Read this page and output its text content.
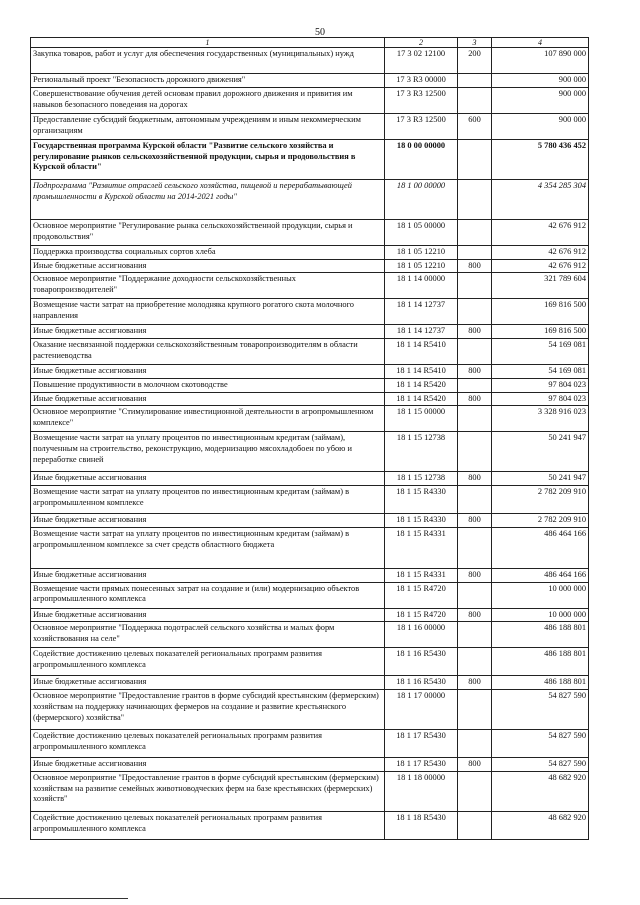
50
1	2	3	4
Закупка товаров, работ и услуг для обеспечения государственных (муниципальных) нужд	17 3 02 12100	200	107 890 000
Региональный проект "Безопасность дорожного движения"	17 3 R3 00000		900 000
Совершенствование обучения детей основам правил дорожного движения и привития им навыков безопасного поведения на дорогах	17 3 R3 12500		900 000
Предоставление субсидий бюджетным, автономным учреждениям и иным некоммерческим организациям	17 3 R3 12500	600	900 000
Государственная программа Курской области "Развитие сельского хозяйства и регулирование рынков сельскохозяйственной продукции, сырья и продовольствия в Курской области"	18 0 00 00000		5 780 436 452
Подпрограмма "Развитие отраслей сельского хозяйства, пищевой и перерабатывающей промышленности в Курской области на 2014-2021 годы"	18 1 00 00000		4 354 285 304
Основное мероприятие "Регулирование рынка сельскохозяйственной продукции, сырья и продовольствия"	18 1 05 00000		42 676 912
Поддержка производства социальных сортов хлеба	18 1 05 12210		42 676 912
Иные бюджетные ассигнования	18 1 05 12210	800	42 676 912
Основное мероприятие "Поддержание доходности сельскохозяйственных товаропроизводителей"	18 1 14 00000		321 789 604
Возмещение части затрат на приобретение молодняка крупного рогатого скота молочного направления	18 1 14 12737		169 816 500
Иные бюджетные ассигнования	18 1 14 12737	800	169 816 500
Оказание несвязанной поддержки сельскохозяйственным товаропроизводителям в области растениеводства	18 1 14 R5410		54 169 081
Иные бюджетные ассигнования	18 1 14 R5410	800	54 169 081
Повышение продуктивности в молочном скотоводстве	18 1 14 R5420		97 804 023
Иные бюджетные ассигнования	18 1 14 R5420	800	97 804 023
Основное мероприятие "Стимулирование инвестиционной деятельности в агропромышленном комплексе"	18 1 15 00000		3 328 916 023
Возмещение части затрат на уплату процентов по инвестиционным кредитам (займам), полученным на строительство, реконструкцию, модернизацию мясохладобоен по убою и переработке свиней	18 1 15 12738		50 241 947
Иные бюджетные ассигнования	18 1 15 12738	800	50 241 947
Возмещение части затрат на уплату процентов по инвестиционным кредитам (займам) в агропромышленном комплексе	18 1 15 R4330		2 782 209 910
Иные бюджетные ассигнования	18 1 15 R4330	800	2 782 209 910
Возмещение части затрат на уплату процентов по инвестиционным кредитам (займам) в агропромышленном комплексе за счет средств областного бюджета	18 1 15 R4331		486 464 166
Иные бюджетные ассигнования	18 1 15 R4331	800	486 464 166
Возмещение части прямых понесенных затрат на создание и (или) модернизацию объектов агропромышленного комплекса	18 1 15 R4720		10 000 000
Иные бюджетные ассигнования	18 1 15 R4720	800	10 000 000
Основное мероприятие "Поддержка подотраслей сельского хозяйства и малых форм хозяйствования на селе"	18 1 16 00000		486 188 801
Содействие достижению целевых показателей региональных программ развития агропромышленного комплекса	18 1 16 R5430		486 188 801
Иные бюджетные ассигнования	18 1 16 R5430	800	486 188 801
Основное мероприятие "Предоставление грантов в форме субсидий крестьянским (фермерским) хозяйствам на поддержку начинающих фермеров на создание и развитие крестьянского (фермерского) хозяйства"	18 1 17 00000		54 827 590
Содействие достижению целевых показателей региональных программ развития агропромышленного комплекса	18 1 17 R5430		54 827 590
Иные бюджетные ассигнования	18 1 17 R5430	800	54 827 590
Основное мероприятие "Предоставление грантов в форме субсидий крестьянским (фермерским) хозяйствам на развитие семейных животноводческих ферм на базе крестьянских (фермерских) хозяйств"	18 1 18 00000		48 682 920
Содействие достижению целевых показателей региональных программ развития агропромышленного комплекса	18 1 18 R5430		48 682 920
